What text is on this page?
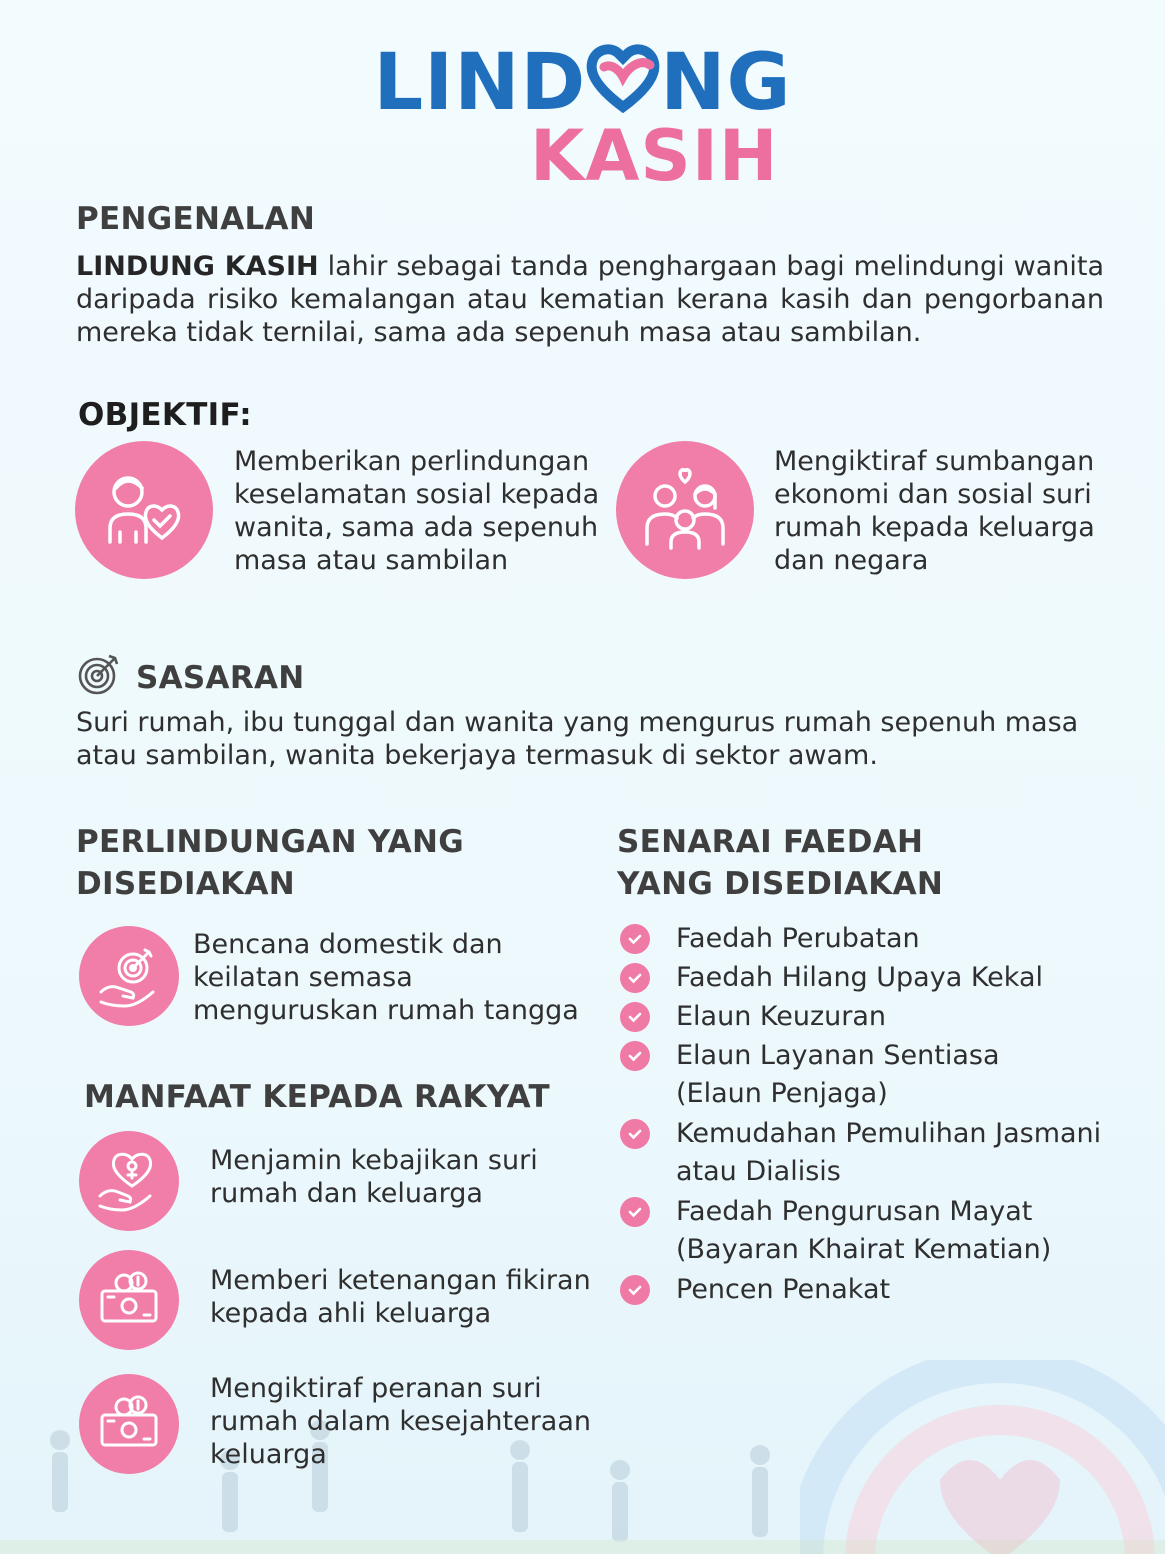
LIND NG
KASIH
PENGENALAN
LINDUNG KASIH lahir sebagai tanda penghargaan bagi melindungi wanita daripada risiko kemalangan atau kematian kerana kasih dan pengorbanan mereka tidak ternilai, sama ada sepenuh masa atau sambilan.
OBJEKTIF:
Memberikan perlindungan keselamatan sosial kepada wanita, sama ada sepenuh masa atau sambilan
Mengiktiraf sumbangan ekonomi dan sosial suri rumah kepada keluarga dan negara
SASARAN
Suri rumah, ibu tunggal dan wanita yang mengurus rumah sepenuh masa atau sambilan, wanita bekerjaya termasuk di sektor awam.
PERLINDUNGAN YANG
DISEDIAKAN
Bencana domestik dan keilatan semasa menguruskan rumah tangga
MANFAAT KEPADA RAKYAT
Menjamin kebajikan suri rumah dan keluarga
Memberi ketenangan fikiran kepada ahli keluarga
Mengiktiraf peranan suri rumah dalam kesejahteraan keluarga
SENARAI FAEDAH
YANG DISEDIAKAN
Faedah Perubatan
Faedah Hilang Upaya Kekal
Elaun Keuzuran
Elaun Layanan Sentiasa
(Elaun Penjaga)
Kemudahan Pemulihan Jasmani
atau Dialisis
Faedah Pengurusan Mayat
(Bayaran Khairat Kematian)
Pencen Penakat
